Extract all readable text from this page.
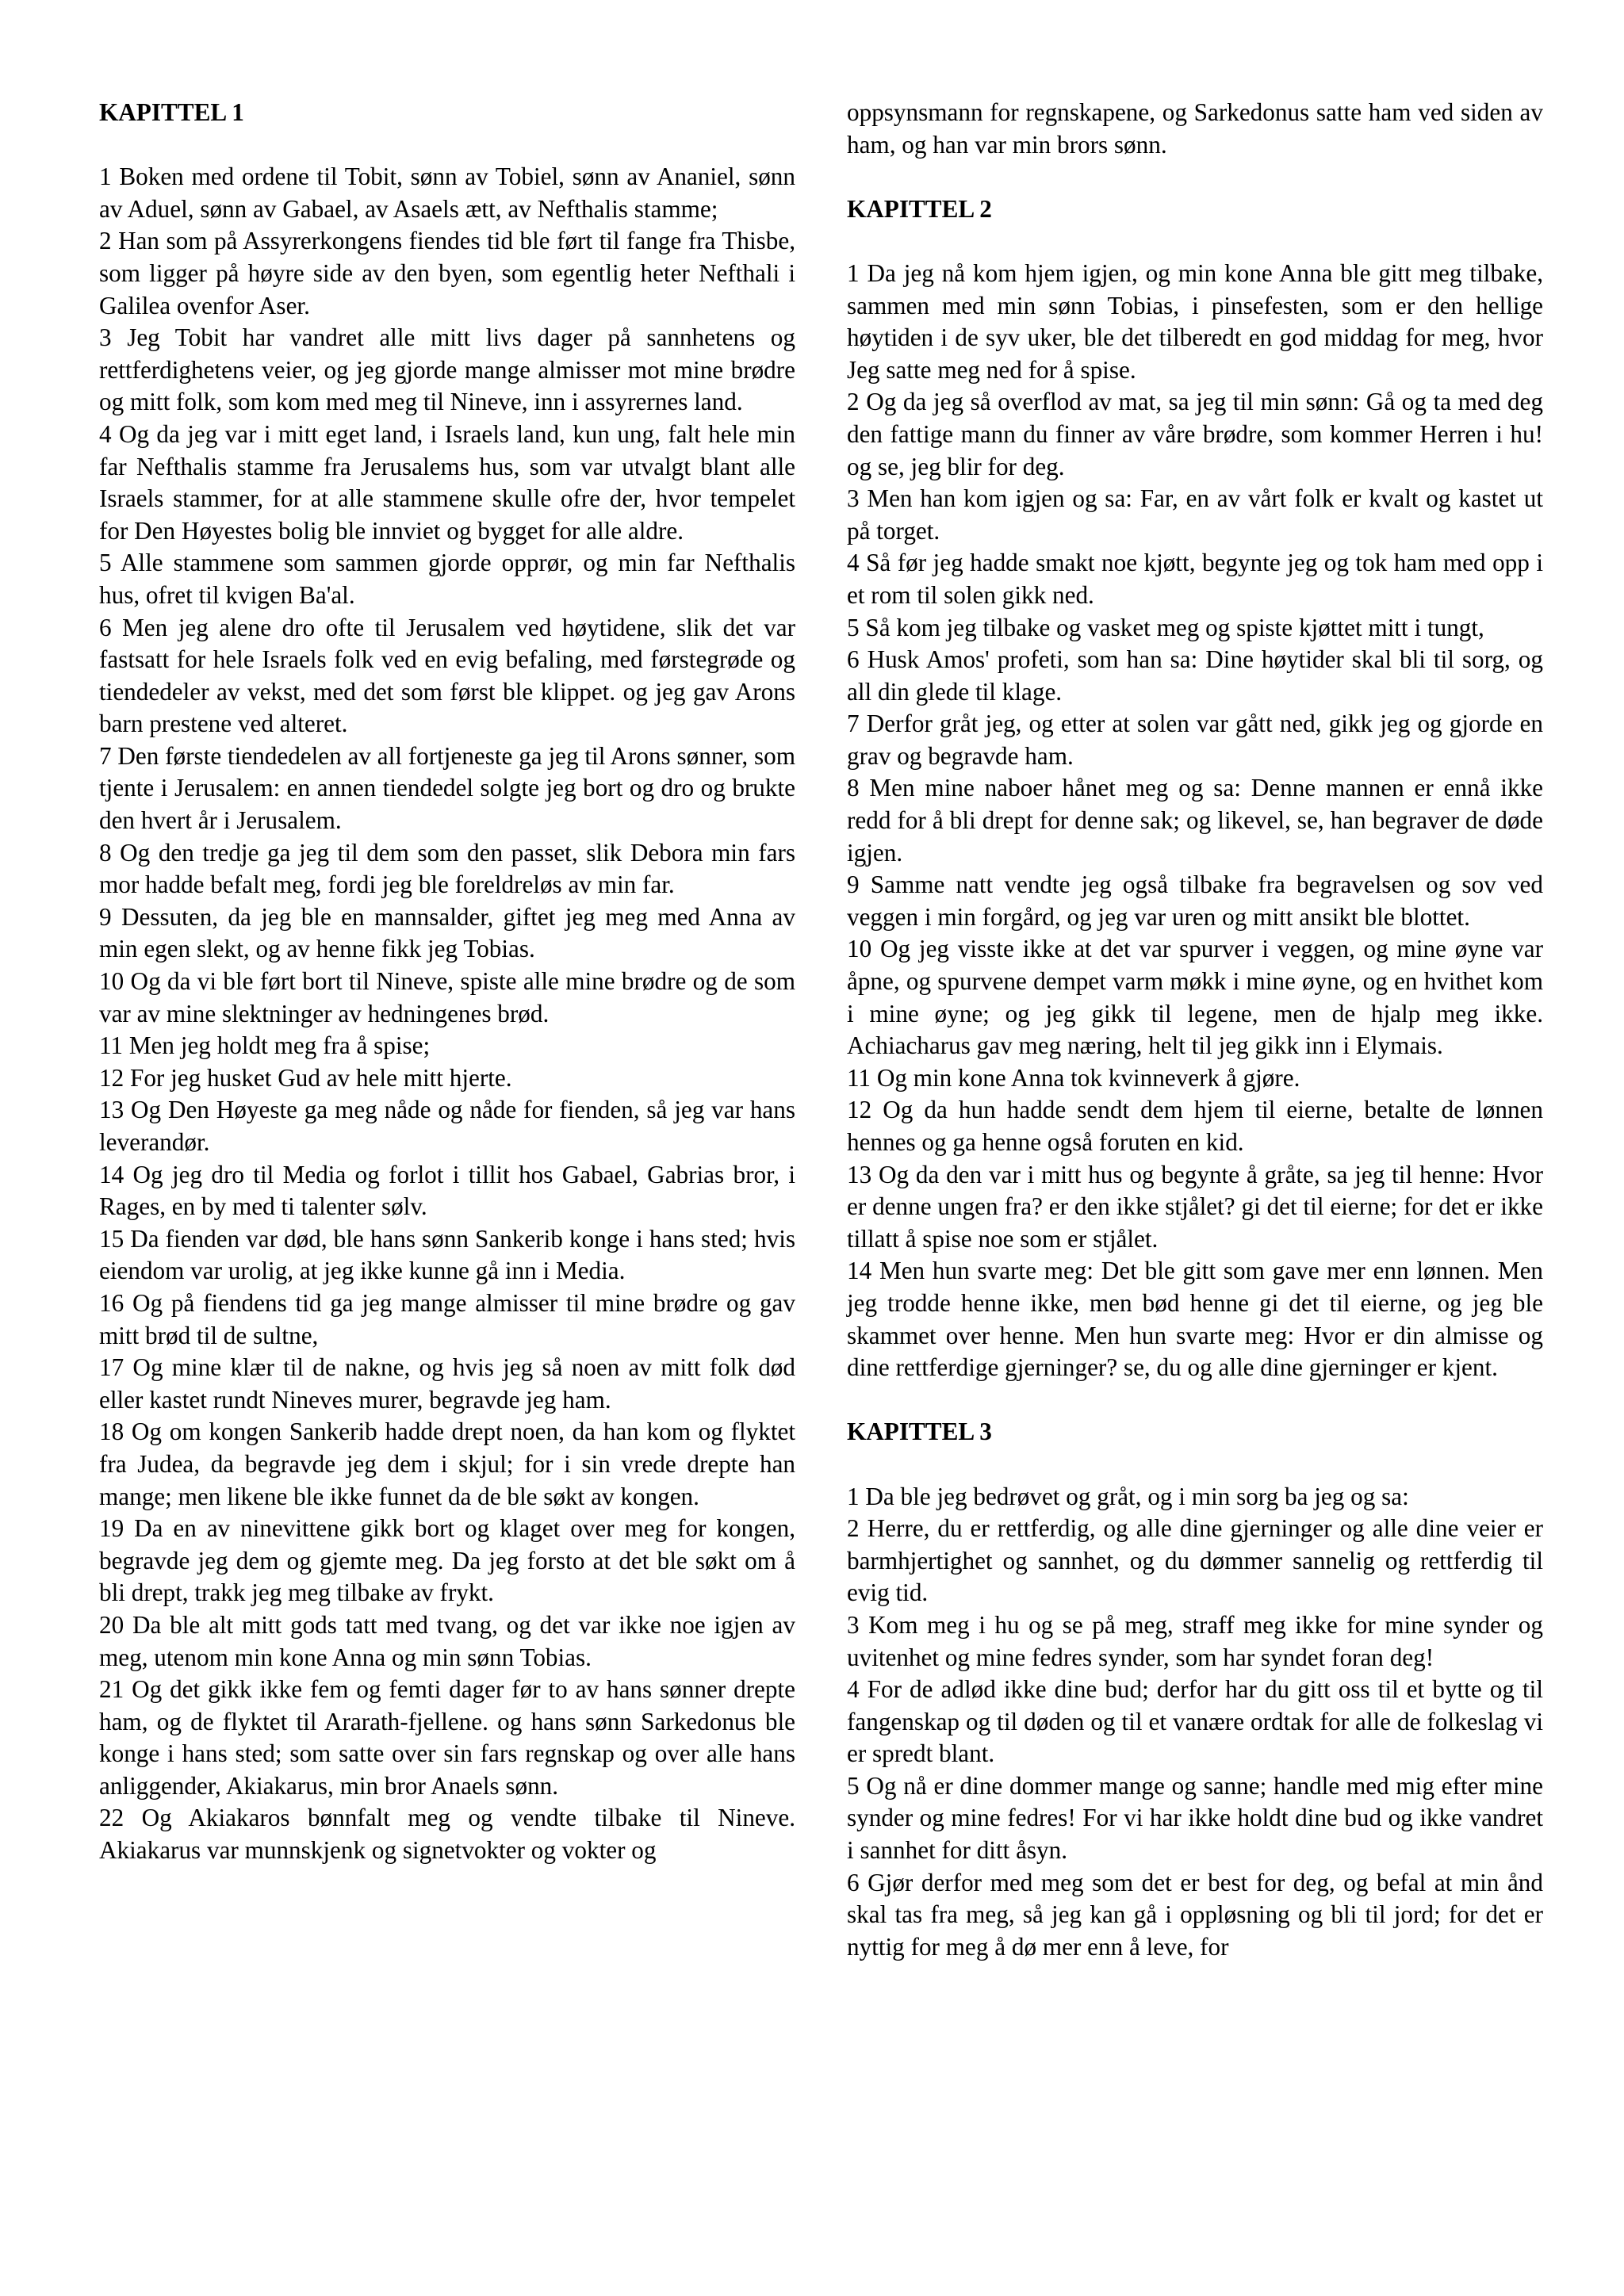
KAPITTEL 1

1 Boken med ordene til Tobit, sønn av Tobiel, sønn av Ananiel, sønn av Aduel, sønn av Gabael, av Asaels ætt, av Nefthalis stamme;

2 Han som på Assyrerkongens fiendes tid ble ført til fange fra Thisbe, som ligger på høyre side av den byen, som egentlig heter Nefthali i Galilea ovenfor Aser.

3 Jeg Tobit har vandret alle mitt livs dager på sannhetens og rettferdighetens veier, og jeg gjorde mange almisser mot mine brødre og mitt folk, som kom med meg til Nineve, inn i assyrernes land.

4 Og da jeg var i mitt eget land, i Israels land, kun ung, falt hele min far Nefthalis stamme fra Jerusalems hus, som var utvalgt blant alle Israels stammer, for at alle stammene skulle ofre der, hvor tempelet for Den Høyestes bolig ble innviet og bygget for alle aldre.

5 Alle stammene som sammen gjorde opprør, og min far Nefthalis hus, ofret til kvigen Ba'al.

6 Men jeg alene dro ofte til Jerusalem ved høytidene, slik det var fastsatt for hele Israels folk ved en evig befaling, med førstegrøde og tiendedeler av vekst, med det som først ble klippet. og jeg gav Arons barn prestene ved alteret.

7 Den første tiendedelen av all fortjeneste ga jeg til Arons sønner, som tjente i Jerusalem: en annen tiendedel solgte jeg bort og dro og brukte den hvert år i Jerusalem.

8 Og den tredje ga jeg til dem som den passet, slik Debora min fars mor hadde befalt meg, fordi jeg ble foreldreløs av min far.

9 Dessuten, da jeg ble en mannsalder, giftet jeg meg med Anna av min egen slekt, og av henne fikk jeg Tobias.

10 Og da vi ble ført bort til Nineve, spiste alle mine brødre og de som var av mine slektninger av hedningenes brød.

11 Men jeg holdt meg fra å spise;

12 For jeg husket Gud av hele mitt hjerte.

13 Og Den Høyeste ga meg nåde og nåde for fienden, så jeg var hans leverandør.

14 Og jeg dro til Media og forlot i tillit hos Gabael, Gabrias bror, i Rages, en by med ti talenter sølv.

15 Da fienden var død, ble hans sønn Sankerib konge i hans sted; hvis eiendom var urolig, at jeg ikke kunne gå inn i Media.

16 Og på fiendens tid ga jeg mange almisser til mine brødre og gav mitt brød til de sultne,

17 Og mine klær til de nakne, og hvis jeg så noen av mitt folk død eller kastet rundt Nineves murer, begravde jeg ham.

18 Og om kongen Sankerib hadde drept noen, da han kom og flyktet fra Judea, da begravde jeg dem i skjul; for i sin vrede drepte han mange; men likene ble ikke funnet da de ble søkt av kongen.

19 Da en av ninevittene gikk bort og klaget over meg for kongen, begravde jeg dem og gjemte meg. Da jeg forsto at det ble søkt om å bli drept, trakk jeg meg tilbake av frykt.

20 Da ble alt mitt gods tatt med tvang, og det var ikke noe igjen av meg, utenom min kone Anna og min sønn Tobias.

21 Og det gikk ikke fem og femti dager før to av hans sønner drepte ham, og de flyktet til Ararath-fjellene. og hans sønn Sarkedonus ble konge i hans sted; som satte over sin fars regnskap og over alle hans anliggender, Akiakarus, min bror Anaels sønn.

22 Og Akiakaros bønnfalt meg og vendte tilbake til Nineve. Akiakarus var munnskjenk og signetvokter og vokter og

oppsynsmann for regnskapene, og Sarkedonus satte ham ved siden av ham, og han var min brors sønn.

KAPITTEL 2

1 Da jeg nå kom hjem igjen, og min kone Anna ble gitt meg tilbake, sammen med min sønn Tobias, i pinsefesten, som er den hellige høytiden i de syv uker, ble det tilberedt en god middag for meg, hvor Jeg satte meg ned for å spise.

2 Og da jeg så overflod av mat, sa jeg til min sønn: Gå og ta med deg den fattige mann du finner av våre brødre, som kommer Herren i hu! og se, jeg blir for deg.

3 Men han kom igjen og sa: Far, en av vårt folk er kvalt og kastet ut på torget.

4 Så før jeg hadde smakt noe kjøtt, begynte jeg og tok ham med opp i et rom til solen gikk ned.

5 Så kom jeg tilbake og vasket meg og spiste kjøttet mitt i tungt,

6 Husk Amos' profeti, som han sa: Dine høytider skal bli til sorg, og all din glede til klage.

7 Derfor gråt jeg, og etter at solen var gått ned, gikk jeg og gjorde en grav og begravde ham.

8 Men mine naboer hånet meg og sa: Denne mannen er ennå ikke redd for å bli drept for denne sak; og likevel, se, han begraver de døde igjen.

9 Samme natt vendte jeg også tilbake fra begravelsen og sov ved veggen i min forgård, og jeg var uren og mitt ansikt ble blottet.

10 Og jeg visste ikke at det var spurver i veggen, og mine øyne var åpne, og spurvene dempet varm møkk i mine øyne, og en hvithet kom i mine øyne; og jeg gikk til legene, men de hjalp meg ikke. Achiacharus gav meg næring, helt til jeg gikk inn i Elymais.

11 Og min kone Anna tok kvinneverk å gjøre.

12 Og da hun hadde sendt dem hjem til eierne, betalte de lønnen hennes og ga henne også foruten en kid.

13 Og da den var i mitt hus og begynte å gråte, sa jeg til henne: Hvor er denne ungen fra? er den ikke stjålet? gi det til eierne; for det er ikke tillatt å spise noe som er stjålet.

14 Men hun svarte meg: Det ble gitt som gave mer enn lønnen. Men jeg trodde henne ikke, men bød henne gi det til eierne, og jeg ble skammet over henne. Men hun svarte meg: Hvor er din almisse og dine rettferdige gjerninger? se, du og alle dine gjerninger er kjent.

KAPITTEL 3

1 Da ble jeg bedrøvet og gråt, og i min sorg ba jeg og sa:

2 Herre, du er rettferdig, og alle dine gjerninger og alle dine veier er barmhjertighet og sannhet, og du dømmer sannelig og rettferdig til evig tid.

3 Kom meg i hu og se på meg, straff meg ikke for mine synder og uvitenhet og mine fedres synder, som har syndet foran deg!

4 For de adlød ikke dine bud; derfor har du gitt oss til et bytte og til fangenskap og til døden og til et vanære ordtak for alle de folkeslag vi er spredt blant.

5 Og nå er dine dommer mange og sanne; handle med mig efter mine synder og mine fedres! For vi har ikke holdt dine bud og ikke vandret i sannhet for ditt åsyn.

6 Gjør derfor med meg som det er best for deg, og befal at min ånd skal tas fra meg, så jeg kan gå i oppløsning og bli til jord; for det er nyttig for meg å dø mer enn å leve, for
